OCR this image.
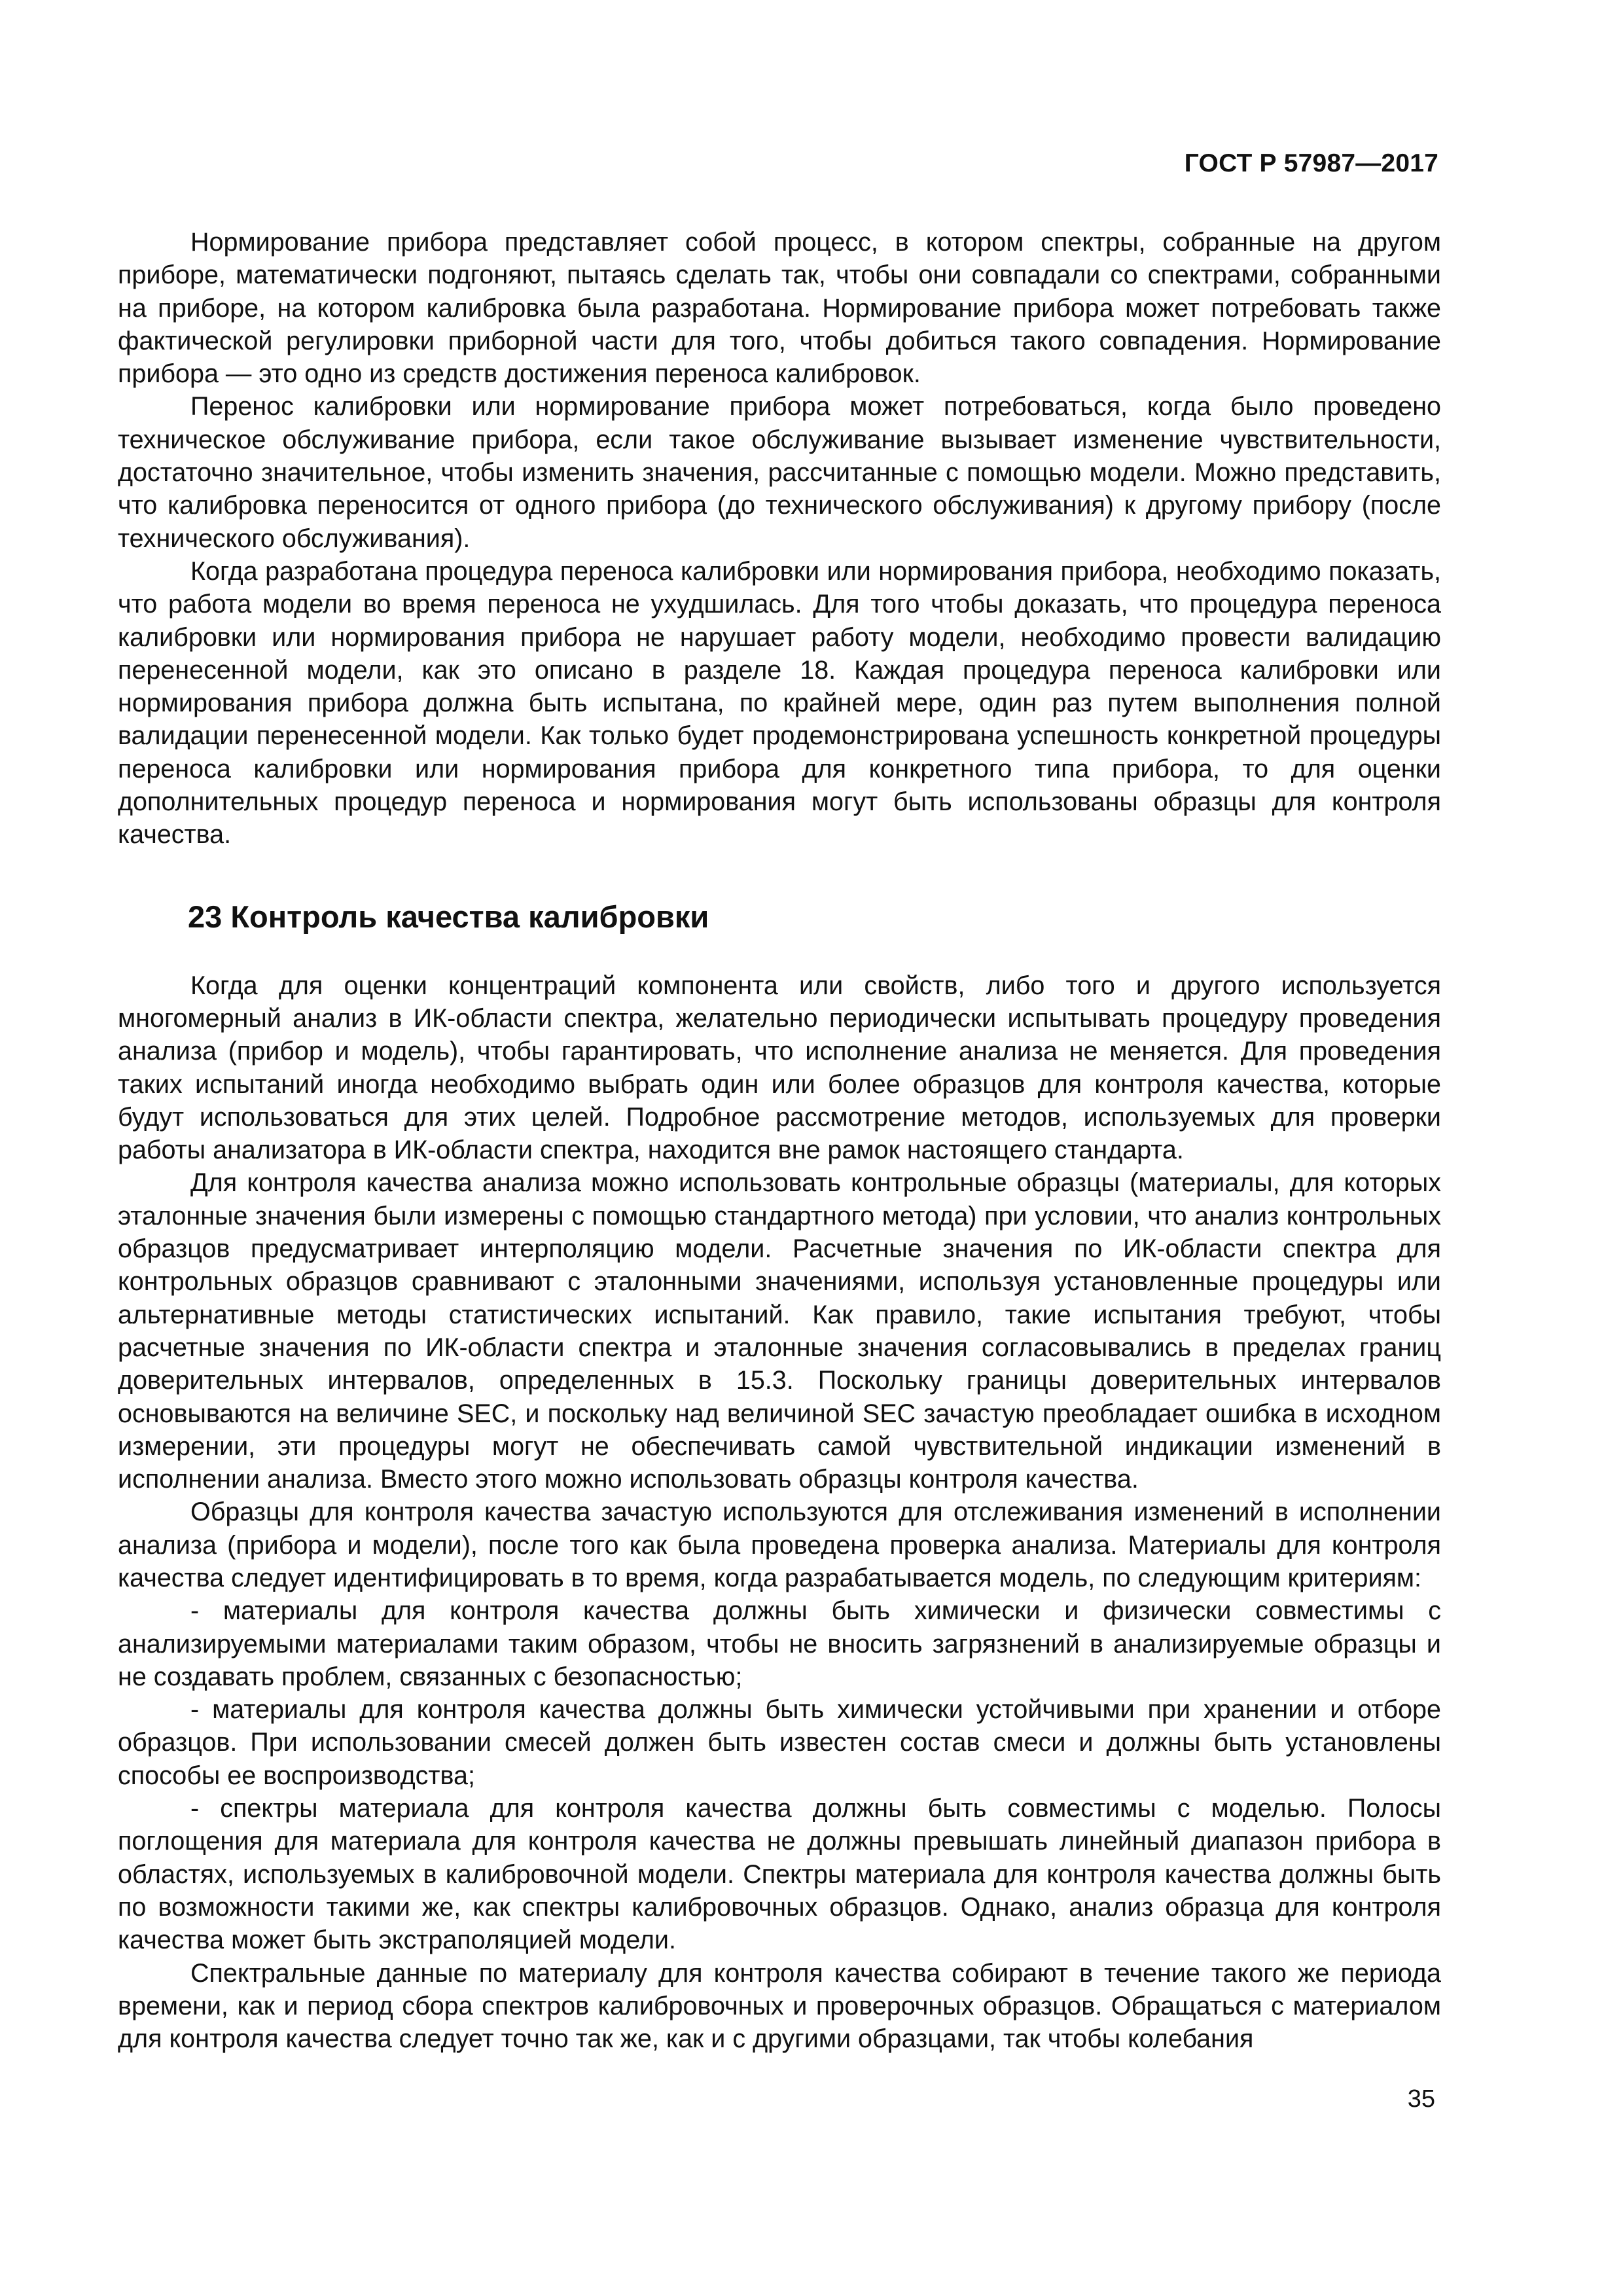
ГОСТ Р 57987—2017

Нормирование прибора представляет собой процесс, в котором спектры, собранные на другом приборе, математически подгоняют, пытаясь сделать так, чтобы они совпадали со спектрами, собранными на приборе, на котором калибровка была разработана. Нормирование прибора может потребовать также фактической регулировки приборной части для того, чтобы добиться такого совпадения. Нормирование прибора — это одно из средств достижения переноса калибровок.

Перенос калибровки или нормирование прибора может потребоваться, когда было проведено техническое обслуживание прибора, если такое обслуживание вызывает изменение чувствительности, достаточно значительное, чтобы изменить значения, рассчитанные с помощью модели. Можно представить, что калибровка переносится от одного прибора (до технического обслуживания) к другому прибору (после технического обслуживания).

Когда разработана процедура переноса калибровки или нормирования прибора, необходимо показать, что работа модели во время переноса не ухудшилась. Для того чтобы доказать, что процедура переноса калибровки или нормирования прибора не нарушает работу модели, необходимо провести валидацию перенесенной модели, как это описано в разделе 18. Каждая процедура переноса калибровки или нормирования прибора должна быть испытана, по крайней мере, один раз путем выполнения полной валидации перенесенной модели. Как только будет продемонстрирована успешность конкретной процедуры переноса калибровки или нормирования прибора для конкретного типа прибора, то для оценки дополнительных процедур переноса и нормирования могут быть использованы образцы для контроля качества.

23 Контроль качества калибровки

Когда для оценки концентраций компонента или свойств, либо того и другого используется многомерный анализ в ИК-области спектра, желательно периодически испытывать процедуру проведения анализа (прибор и модель), чтобы гарантировать, что исполнение анализа не меняется. Для проведения таких испытаний иногда необходимо выбрать один или более образцов для контроля качества, которые будут использоваться для этих целей. Подробное рассмотрение методов, используемых для проверки работы анализатора в ИК-области спектра, находится вне рамок настоящего стандарта.

Для контроля качества анализа можно использовать контрольные образцы (материалы, для которых эталонные значения были измерены с помощью стандартного метода) при условии, что анализ контрольных образцов предусматривает интерполяцию модели. Расчетные значения по ИК-области спектра для контрольных образцов сравнивают с эталонными значениями, используя установленные процедуры или альтернативные методы статистических испытаний. Как правило, такие испытания требуют, чтобы расчетные значения по ИК-области спектра и эталонные значения согласовывались в пределах границ доверительных интервалов, определенных в 15.3. Поскольку границы доверительных интервалов основываются на величине SEC, и поскольку над величиной SEC зачастую преобладает ошибка в исходном измерении, эти процедуры могут не обеспечивать самой чувствительной индикации изменений в исполнении анализа. Вместо этого можно использовать образцы контроля качества.

Образцы для контроля качества зачастую используются для отслеживания изменений в исполнении анализа (прибора и модели), после того как была проведена проверка анализа. Материалы для контроля качества следует идентифицировать в то время, когда разрабатывается модель, по следующим критериям:

- материалы для контроля качества должны быть химически и физически совместимы с анализируемыми материалами таким образом, чтобы не вносить загрязнений в анализируемые образцы и не создавать проблем, связанных с безопасностью;

- материалы для контроля качества должны быть химически устойчивыми при хранении и отборе образцов. При использовании смесей должен быть известен состав смеси и должны быть установлены способы ее воспроизводства;

- спектры материала для контроля качества должны быть совместимы с моделью. Полосы поглощения для материала для контроля качества не должны превышать линейный диапазон прибора в областях, используемых в калибровочной модели. Спектры материала для контроля качества должны быть по возможности такими же, как спектры калибровочных образцов. Однако, анализ образца для контроля качества может быть экстраполяцией модели.

Спектральные данные по материалу для контроля качества собирают в течение такого же периода времени, как и период сбора спектров калибровочных и проверочных образцов. Обращаться с материалом для контроля качества следует точно так же, как и с другими образцами, так чтобы колебания

35
